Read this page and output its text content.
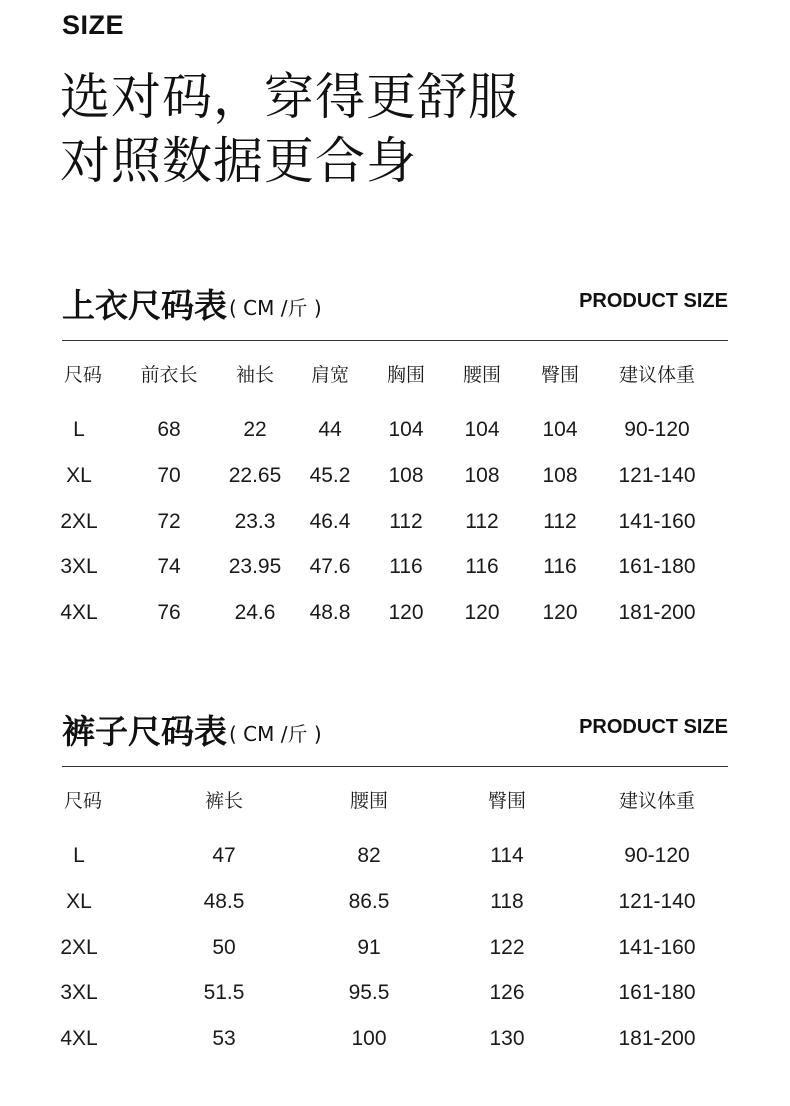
SIZE
选对码，穿得更舒服
对照数据更合身
上衣尺码表 ( CM /斤 )	PRODUCT SIZE
尺码 前衣长 袖长 肩宽 胸围 腰围 臀围 建议体重
L	68	22 44 104 104 104 90-120
XL	70 22.65 45.2 108 108 108 121-140
2XL	72	23.3 46.4 112 112 112 141-160
3XL	74 23.95 47.6 116 116 116 161-180
4XL	76	24.6 48.8 120 120 120 181-200
裤子尺码表 ( CM /斤 )	PRODUCT SIZE
尺码	裤长	腰围	臀围	建议体重
L	47	82	114	90-120
XL	48.5	86.5	118	121-140
2XL	50	91	122	141-160
3XL	51.5	95.5	126	161-180
4XL	53	100	130	181-200
